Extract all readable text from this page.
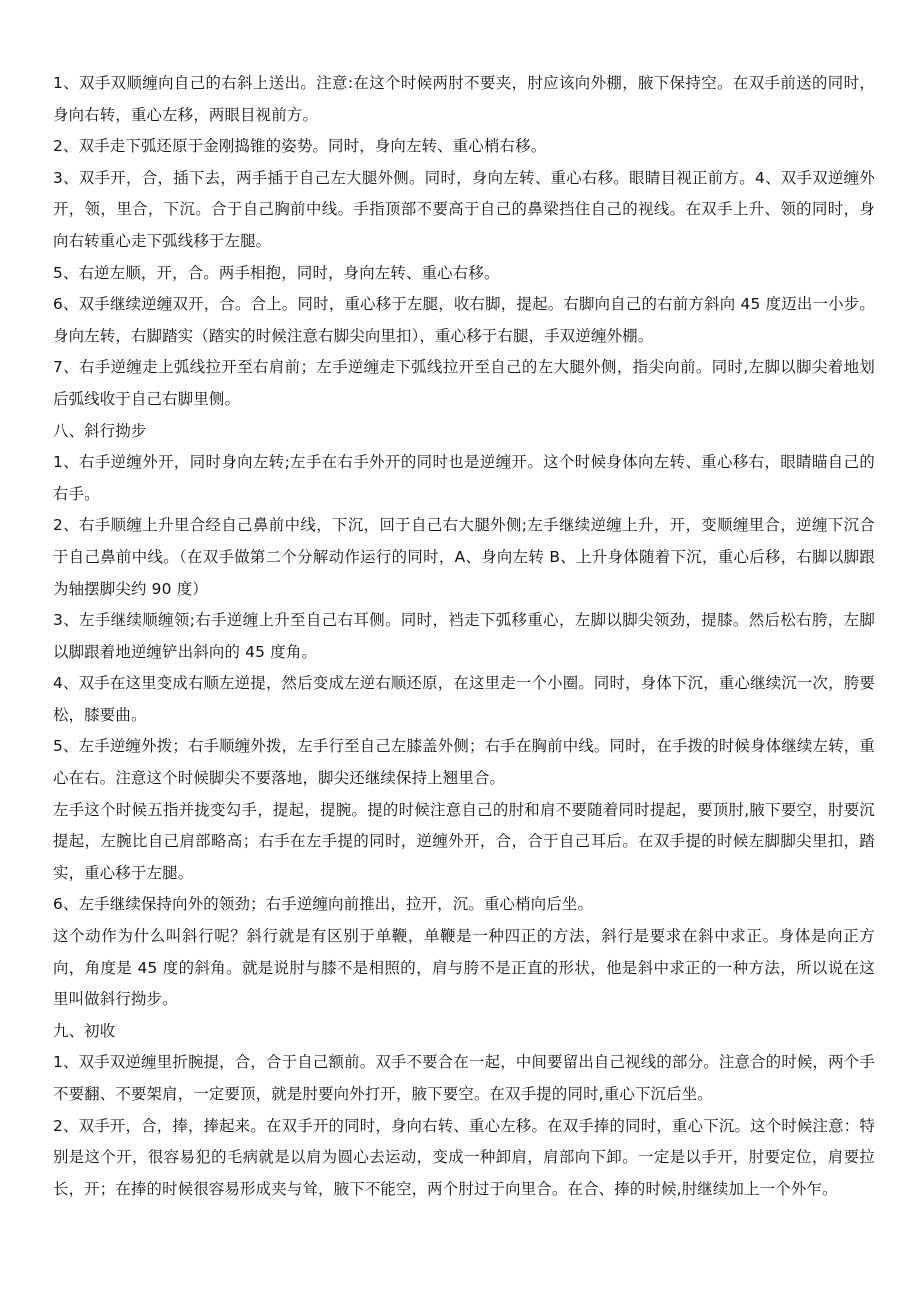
1、双手双顺缠向自己的右斜上送出。注意:在这个时候两肘不要夹，肘应该向外棚，腋下保持空。在双手前送的同时，身向右转，重心左移，两眼目视前方。

2、双手走下弧还原于金刚捣锥的姿势。同时，身向左转、重心梢右移。

3、双手开，合，插下去，两手插于自己左大腿外侧。同时，身向左转、重心右移。眼睛目视正前方。4、双手双逆缠外开，领，里合，下沉。合于自己胸前中线。手指顶部不要高于自己的鼻梁挡住自己的视线。在双手上升、领的同时，身向右转重心走下弧线移于左腿。

5、右逆左顺，开，合。两手相抱，同时，身向左转、重心右移。

6、双手继续逆缠双开，合。合上。同时，重心移于左腿，收右脚，提起。右脚向自己的右前方斜向 45 度迈出一小步。身向左转，右脚踏实（踏实的时候注意右脚尖向里扣），重心移于右腿，手双逆缠外棚。

7、右手逆缠走上弧线拉开至右肩前；左手逆缠走下弧线拉开至自己的左大腿外侧，指尖向前。同时,左脚以脚尖着地划后弧线收于自己右脚里侧。

八、斜行拗步

1、右手逆缠外开，同时身向左转;左手在右手外开的同时也是逆缠开。这个时候身体向左转、重心移右，眼睛瞄自己的右手。

2、右手顺缠上升里合经自己鼻前中线，下沉，回于自己右大腿外侧;左手继续逆缠上升，开，变顺缠里合，逆缠下沉合于自己鼻前中线。（在双手做第二个分解动作运行的同时，A、身向左转 B、上升身体随着下沉，重心后移，右脚以脚跟为轴摆脚尖约 90 度）

3、左手继续顺缠领;右手逆缠上升至自己右耳侧。同时，裆走下弧移重心，左脚以脚尖领劲，提膝。然后松右胯，左脚以脚跟着地逆缠铲出斜向的 45 度角。

4、双手在这里变成右顺左逆提，然后变成左逆右顺还原，在这里走一个小圈。同时，身体下沉，重心继续沉一次，胯要松，膝要曲。

5、左手逆缠外拨；右手顺缠外拨，左手行至自己左膝盖外侧；右手在胸前中线。同时，在手拨的时候身体继续左转，重心在右。注意这个时候脚尖不要落地，脚尖还继续保持上翘里合。

左手这个时候五指并拢变勾手，提起，提腕。提的时候注意自己的肘和肩不要随着同时提起，要顶肘,腋下要空，肘要沉提起，左腕比自己肩部略高；右手在左手提的同时，逆缠外开，合，合于自己耳后。在双手提的时候左脚脚尖里扣，踏实，重心移于左腿。

6、左手继续保持向外的领劲；右手逆缠向前推出，拉开，沉。重心梢向后坐。

这个动作为什么叫斜行呢？斜行就是有区别于单鞭，单鞭是一种四正的方法，斜行是要求在斜中求正。身体是向正方向，角度是 45 度的斜角。就是说肘与膝不是相照的，肩与胯不是正直的形状，他是斜中求正的一种方法，所以说在这里叫做斜行拗步。

九、初收

1、双手双逆缠里折腕提，合，合于自己额前。双手不要合在一起，中间要留出自己视线的部分。注意合的时候，两个手不要翻、不要架肩，一定要顶，就是肘要向外打开，腋下要空。在双手提的同时,重心下沉后坐。

2、双手开，合，捧，捧起来。在双手开的同时，身向右转、重心左移。在双手捧的同时，重心下沉。这个时候注意：特别是这个开，很容易犯的毛病就是以肩为圆心去运动，变成一种卸肩，肩部向下卸。一定是以手开，肘要定位，肩要拉长，开；在捧的时候很容易形成夹与耸，腋下不能空，两个肘过于向里合。在合、捧的时候,肘继续加上一个外乍。
